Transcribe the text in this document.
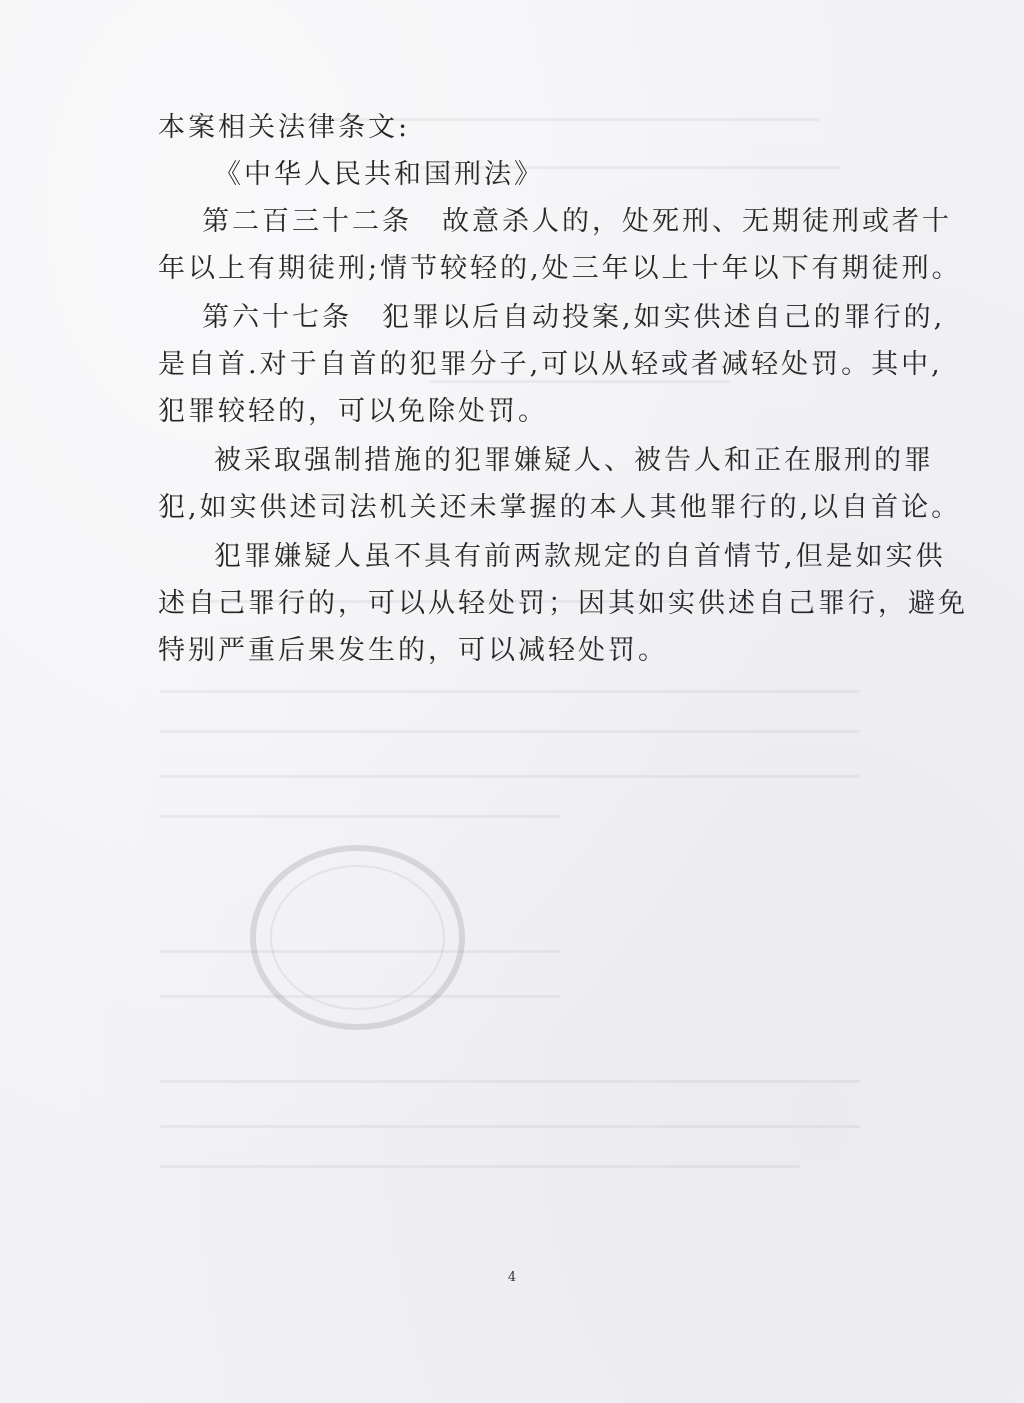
本案相关法律条文:
《中华人民共和国刑法》
第二百三十二条　故意杀人的，处死刑、无期徒刑或者十
年以上有期徒刑;情节较轻的,处三年以上十年以下有期徒刑。
第六十七条　犯罪以后自动投案,如实供述自己的罪行的,
是自首.对于自首的犯罪分子,可以从轻或者减轻处罚。其中,
犯罪较轻的，可以免除处罚。
被采取强制措施的犯罪嫌疑人、被告人和正在服刑的罪
犯,如实供述司法机关还未掌握的本人其他罪行的,以自首论。
犯罪嫌疑人虽不具有前两款规定的自首情节,但是如实供
述自己罪行的，可以从轻处罚；因其如实供述自己罪行，避免
特别严重后果发生的，可以减轻处罚。
4
